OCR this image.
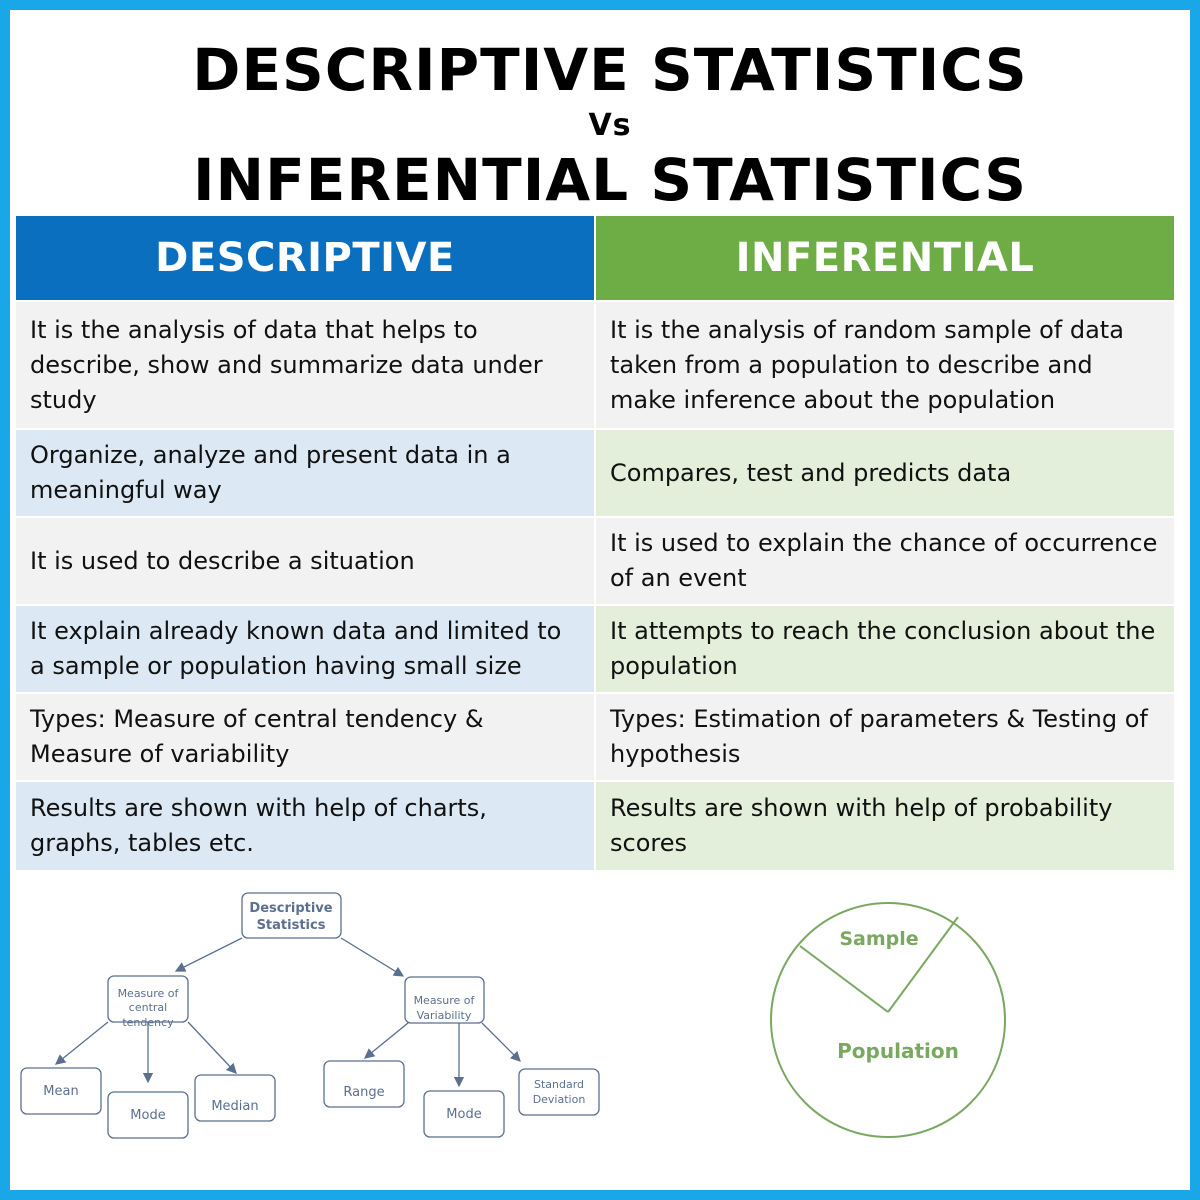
DESCRIPTIVE STATISTICS
Vs
INFERENTIAL STATISTICS
DESCRIPTIVE	INFERENTIAL
It is the analysis of data that helps to describe, show and summarize data under study
It is the analysis of random sample of data taken from a population to describe and make inference about the population
Organize, analyze and present data in a meaningful way
Compares, test and predicts data
It is used to describe a situation
It is used to explain the chance of occurrence of an event
It explain already known data and limited to a sample or population having small size
It attempts to reach the conclusion about the population
Types: Measure of central tendency & Measure of variability
Types: Estimation of parameters & Testing of hypothesis
Results are shown with help of charts, graphs, tables etc.
Results are shown with help of probability scores
Descriptive
Statistics
Measure of
central
tendency
Measure of
Variability
Standard
Deviation
Mean
Mode
Median
Range
Mode
Sample
Population
